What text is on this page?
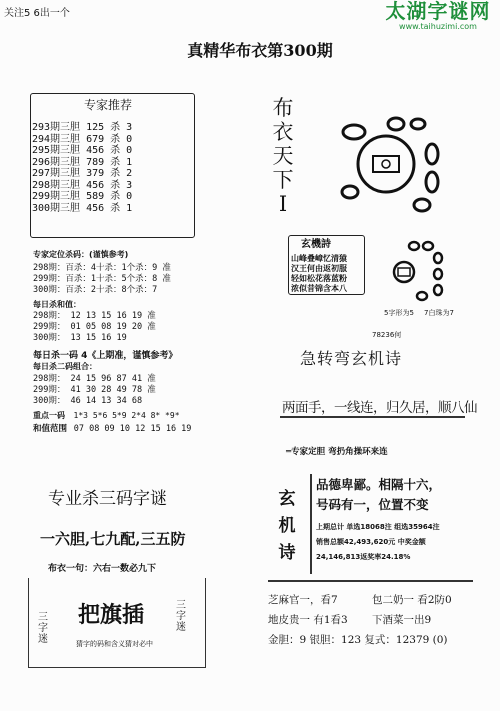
关注5 6出一个	太湖字谜网
www.taihuzimi.com
真精华布衣第300期
专家推荐
293期三胆 125 杀 3
294期三胆 679 杀 0
295期三胆 456 杀 0
296期三胆 789 杀 1
297期三胆 379 杀 2
298期三胆 456 杀 3
299期三胆 589 杀 0
300期三胆 456 杀 1
专家定位杀码：(谨慎参考)
298期：百杀：4十杀：1个杀：9 准
299期：百杀：1十杀：5个杀：8 准
300期：百杀：2十杀：8个杀：7
每日杀和值：
298期： 12 13 15 16 19 准
299期： 01 05 08 19 20 准
300期： 13 15 16 19
每日杀一码 4《上期准，谨慎参考》
每日杀二码组合：
298期： 24 15 96 87 41 准
299期： 41 30 28 49 78 准
300期： 46 14 13 34 68
重点一码 1*3 5*6 5*9 2*4 8* *9*
和值范围 07 08 09 10 12 15 16 19
专业杀三码字谜
一六胆,七九配,三五防
布衣一句：六右一数必九下
三字迷
把旗插	三字迷
猜字的码和含义猜对必中
布
衣
天
下
I
玄機詩
山峰叠嶂忆清猿
汉王何由返初服
轻如松花落蓝粉
浓似昔锦含本八
5字形为5 7白珠为7
78236何
急转弯玄机诗
两面手，一线连，归久居，顺八仙
═专家定胆 弯扔角操环来连
玄
机
诗
品德卑鄙。相隔十六，
号码有一，位置不变
上期总计 单选18068注 组选35964注
销售总额42,493,620元 中奖金额
24,146,813返奖率24.18%
芝麻官一，看7	包二奶一 看2防0
地皮贵一 有1看3 下酒菜一出9
金胆：9 银胆：123 复式：12379 (0)
